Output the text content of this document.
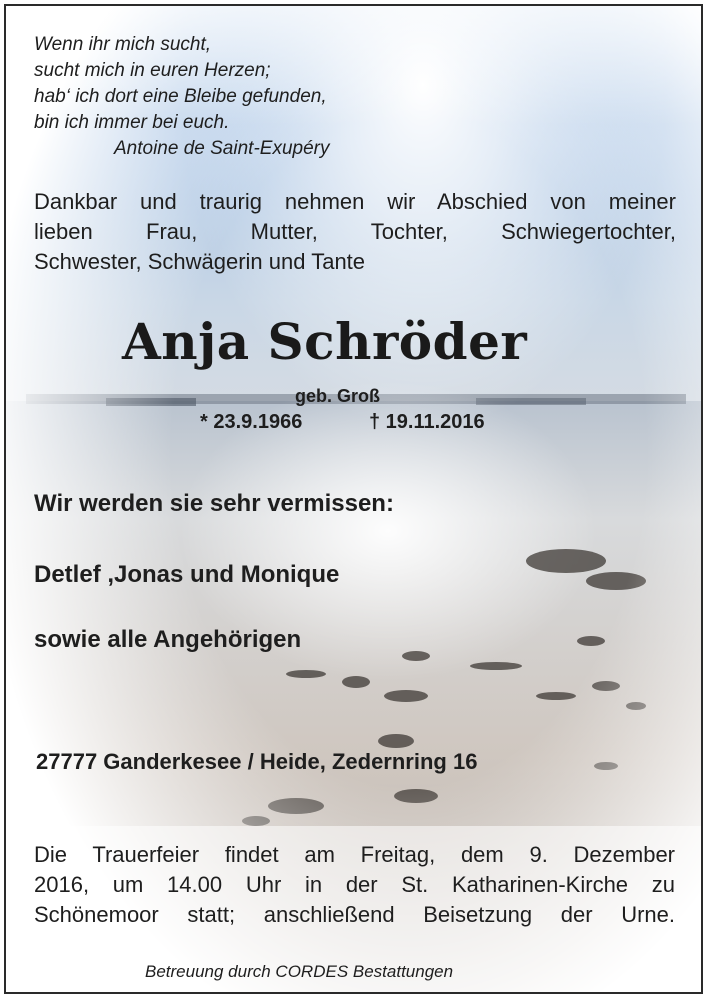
Wenn ihr mich sucht,
sucht mich in euren Herzen;
hab‘ ich dort eine Bleibe gefunden,
bin ich immer bei euch.
Antoine de Saint-Exupéry
Dankbar und traurig nehmen wir Abschied von meiner
lieben Frau, Mutter, Tochter, Schwiegertochter,
Schwester, Schwägerin und Tante
Anja Schröder
geb. Groß
* 23.9.1966	† 19.11.2016
Wir werden sie sehr vermissen:
Detlef ,Jonas und Monique
sowie alle Angehörigen
27777 Ganderkesee / Heide, Zedernring 16
Die Trauerfeier findet am Freitag, dem 9. Dezember
2016, um 14.00 Uhr in der St. Katharinen-Kirche zu
Schönemoor statt; anschließend Beisetzung der Urne.
Betreuung durch CORDES Bestattungen
